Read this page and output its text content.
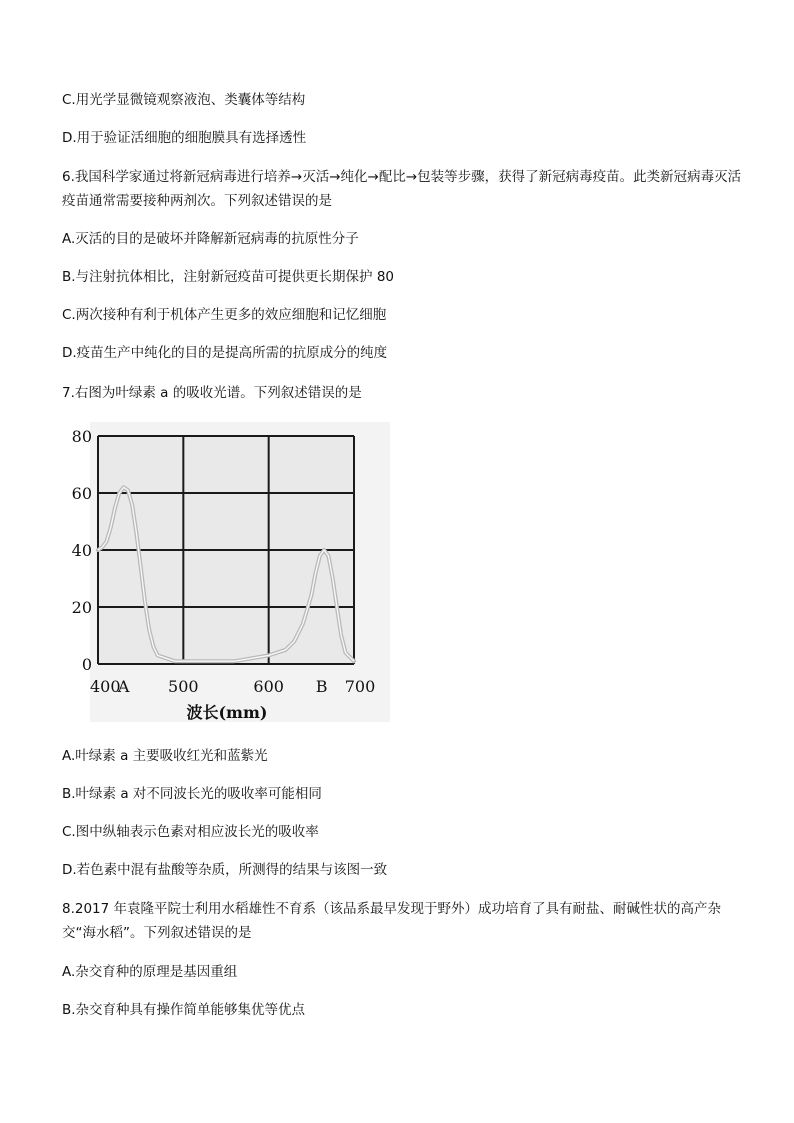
C.用光学显微镜观察液泡、类囊体等结构
D.用于验证活细胞的细胞膜具有选择透性
6.我国科学家通过将新冠病毒进行培养→灭活→纯化→配比→包装等步骤，获得了新冠病毒疫苗。此类新冠病毒灭活疫苗通常需要接种两剂次。下列叙述错误的是
A.灭活的目的是破坏并降解新冠病毒的抗原性分子
B.与注射抗体相比，注射新冠疫苗可提供更长期保护 80
C.两次接种有利于机体产生更多的效应细胞和记忆细胞
D.疫苗生产中纯化的目的是提高所需的抗原成分的纯度
7.右图为叶绿素 a 的吸收光谱。下列叙述错误的是
0
20
40
60
80
400	500	600	700
A	B
波长(mm)
A.叶绿素 a 主要吸收红光和蓝紫光
B.叶绿素 a 对不同波长光的吸收率可能相同
C.图中纵轴表示色素对相应波长光的吸收率
D.若色素中混有盐酸等杂质，所测得的结果与该图一致
8.2017 年袁隆平院士利用水稻雄性不育系（该品系最早发现于野外）成功培育了具有耐盐、耐碱性状的高产杂交“海水稻”。下列叙述错误的是
A.杂交育种的原理是基因重组
B.杂交育种具有操作简单能够集优等优点
